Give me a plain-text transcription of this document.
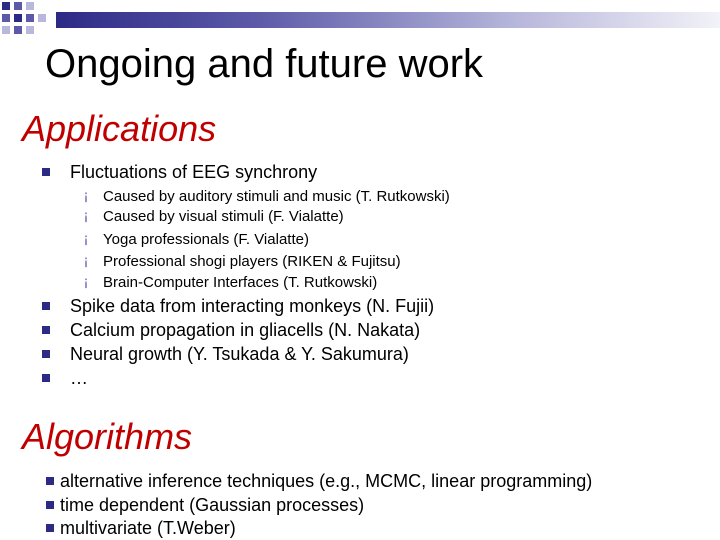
Ongoing and future work
Applications
Fluctuations of EEG synchrony
¡ Caused by auditory stimuli and music (T. Rutkowski)
¡ Caused by visual stimuli (F. Vialatte)
¡ Yoga professionals (F. Vialatte)
¡ Professional shogi players (RIKEN & Fujitsu)
¡ Brain-Computer Interfaces (T. Rutkowski)
Spike data from interacting monkeys (N. Fujii)
Calcium propagation in gliacells (N. Nakata)
Neural growth (Y. Tsukada & Y. Sakumura)
…
Algorithms
alternative inference techniques (e.g., MCMC, linear programming)
time dependent (Gaussian processes)
multivariate (T.Weber)
